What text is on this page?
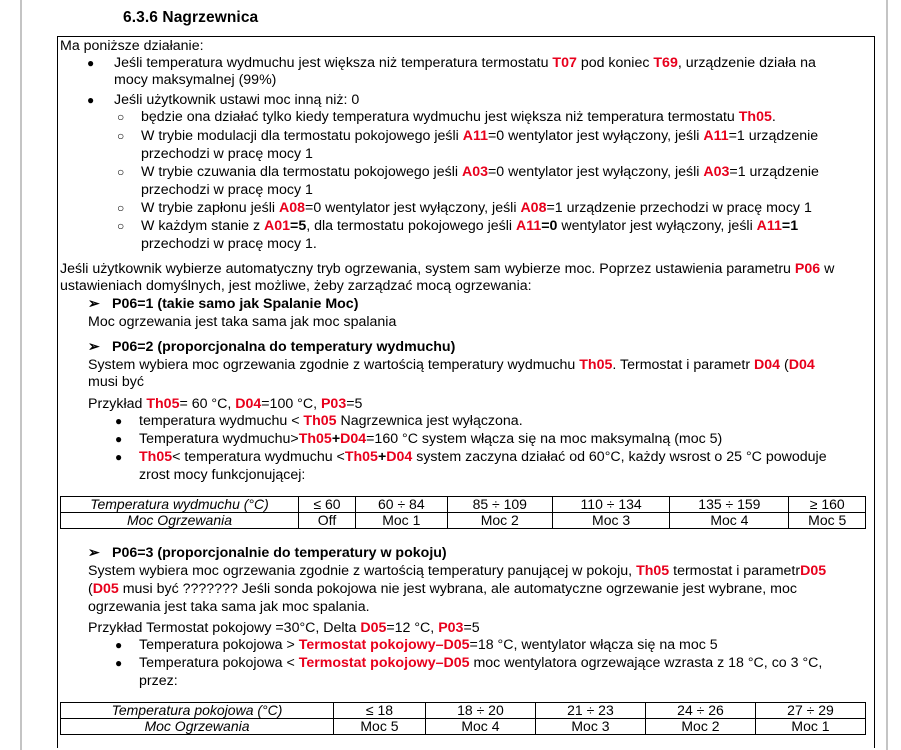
6.3.6 Nagrzewnica
Ma poniższe działanie:
● Jeśli temperatura wydmuchu jest większa niż temperatura termostatu T07 pod koniec T69, urządzenie działa na
mocy maksymalnej (99%)
● Jeśli użytkownik ustawi moc inną niż: 0
○ będzie ona działać tylko kiedy temperatura wydmuchu jest większa niż temperatura termostatu Th05.
○ W trybie modulacji dla termostatu pokojowego jeśli A11=0 wentylator jest wyłączony, jeśli A11=1 urządzenie
przechodzi w pracę mocy 1
○ W trybie czuwania dla termostatu pokojowego jeśli A03=0 wentylator jest wyłączony, jeśli A03=1 urządzenie
przechodzi w pracę mocy 1
○ W trybie zapłonu jeśli A08=0 wentylator jest wyłączony, jeśli A08=1 urządzenie przechodzi w pracę mocy 1
○ W każdym stanie z A01=5, dla termostatu pokojowego jeśli A11=0 wentylator jest wyłączony, jeśli A11=1
przechodzi w pracę mocy 1.
Jeśli użytkownik wybierze automatyczny tryb ogrzewania, system sam wybierze moc. Poprzez ustawienia parametru P06 w
ustawieniach domyślnych, jest możliwe, żeby zarządzać mocą ogrzewania:
➢ P06=1 (takie samo jak Spalanie Moc)
Moc ogrzewania jest taka sama jak moc spalania
➢ P06=2 (proporcjonalna do temperatury wydmuchu)
System wybiera moc ogrzewania zgodnie z wartością temperatury wydmuchu Th05. Termostat i parametr D04 (D04
musi być
Przykład Th05= 60 °C, D04=100 °C, P03=5
● temperatura wydmuchu < Th05 Nagrzewnica jest wyłączona.
● Temperatura wydmuchu>Th05+D04=160 °C system włącza się na moc maksymalną (moc 5)
● Th05< temperatura wydmuchu <Th05+D04 system zaczyna działać od 60°C, każdy wsrost o 25 °C powoduje
zrost mocy funkcjonującej:
Temperatura wydmuchu (°C)	≤ 60	60 ÷ 84	85 ÷ 109	110 ÷ 134	135 ÷ 159	≥ 160
Moc Ogrzewania	Off	Moc 1	Moc 2	Moc 3	Moc 4	Moc 5
➢ P06=3 (proporcjonalnie do temperatury w pokoju)
System wybiera moc ogrzewania zgodnie z wartością temperatury panującej w pokoju, Th05 termostat i parametrD05
(D05 musi być ??????? Jeśli sonda pokojowa nie jest wybrana, ale automatyczne ogrzewanie jest wybrane, moc
ogrzewania jest taka sama jak moc spalania.
Przykład Termostat pokojowy =30°C, Delta D05=12 °C, P03=5
● Temperatura pokojowa > Termostat pokojowy–D05=18 °C, wentylator włącza się na moc 5
● Temperatura pokojowa < Termostat pokojowy–D05 moc wentylatora ogrzewające wzrasta z 18 °C, co 3 °C,
przez:
Temperatura pokojowa (°C)	≤ 18	18 ÷ 20	21 ÷ 23	24 ÷ 26	27 ÷ 29
Moc Ogrzewania	Moc 5	Moc 4	Moc 3	Moc 2	Moc 1
